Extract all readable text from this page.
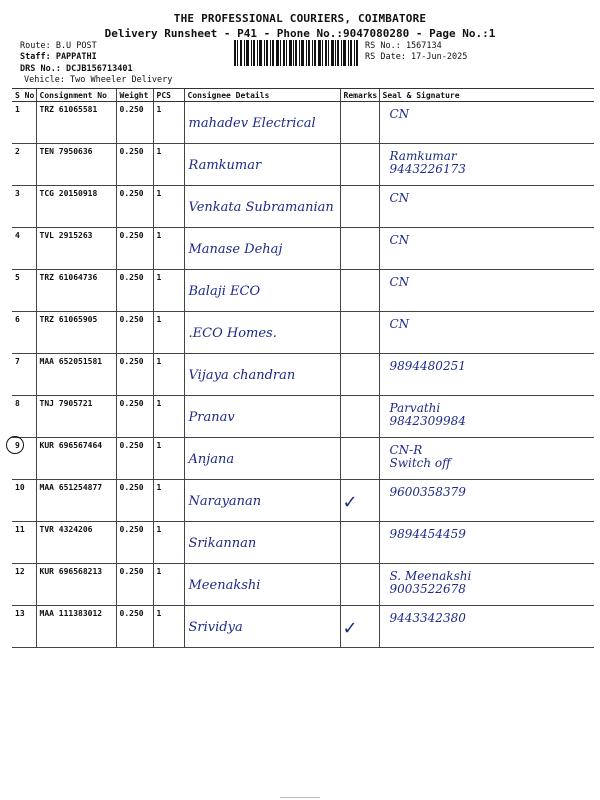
THE PROFESSIONAL COURIERS, COIMBATORE
Delivery Runsheet - P41 - Phone No.:9047080280 - Page No.:1
Route: B.U POST
Staff: PAPPATHI
DRS No.: DCJB156713401
Vehicle: Two Wheeler Delivery
RS No.: 1567134
RS Date: 17-Jun-2025
S No	Consignment No	Weight	PCS	Consignee Details	Remarks	Seal & Signature
1	TRZ 61065581	0.250	1	mahadev Electrical		CN

2	TEN 7950636	0.250	1	Ramkumar		Ramkumar
9443226173

3	TCG 20150918	0.250	1	Venkata Subramanian		CN

4	TVL 2915263	0.250	1	Manase Dehaj		CN

5	TRZ 61064736	0.250	1	Balaji ECO		CN

6	TRZ 61065905	0.250	1	.ECO Homes.		CN

7	MAA 652051581	0.250	1	Vijaya chandran		9894480251

8	TNJ 7905721	0.250	1	Pranav		Parvathi
9842309984

9	KUR 696567464	0.250	1	Anjana		CN-R
Switch off

10	MAA 651254877	0.250	1	Narayanan	✓	9600358379

11	TVR 4324206	0.250	1	Srikannan		9894454459

12	KUR 696568213	0.250	1	Meenakshi		S. Meenakshi
9003522678

13	MAA 111383012	0.250	1	Srividya	✓	9443342380
